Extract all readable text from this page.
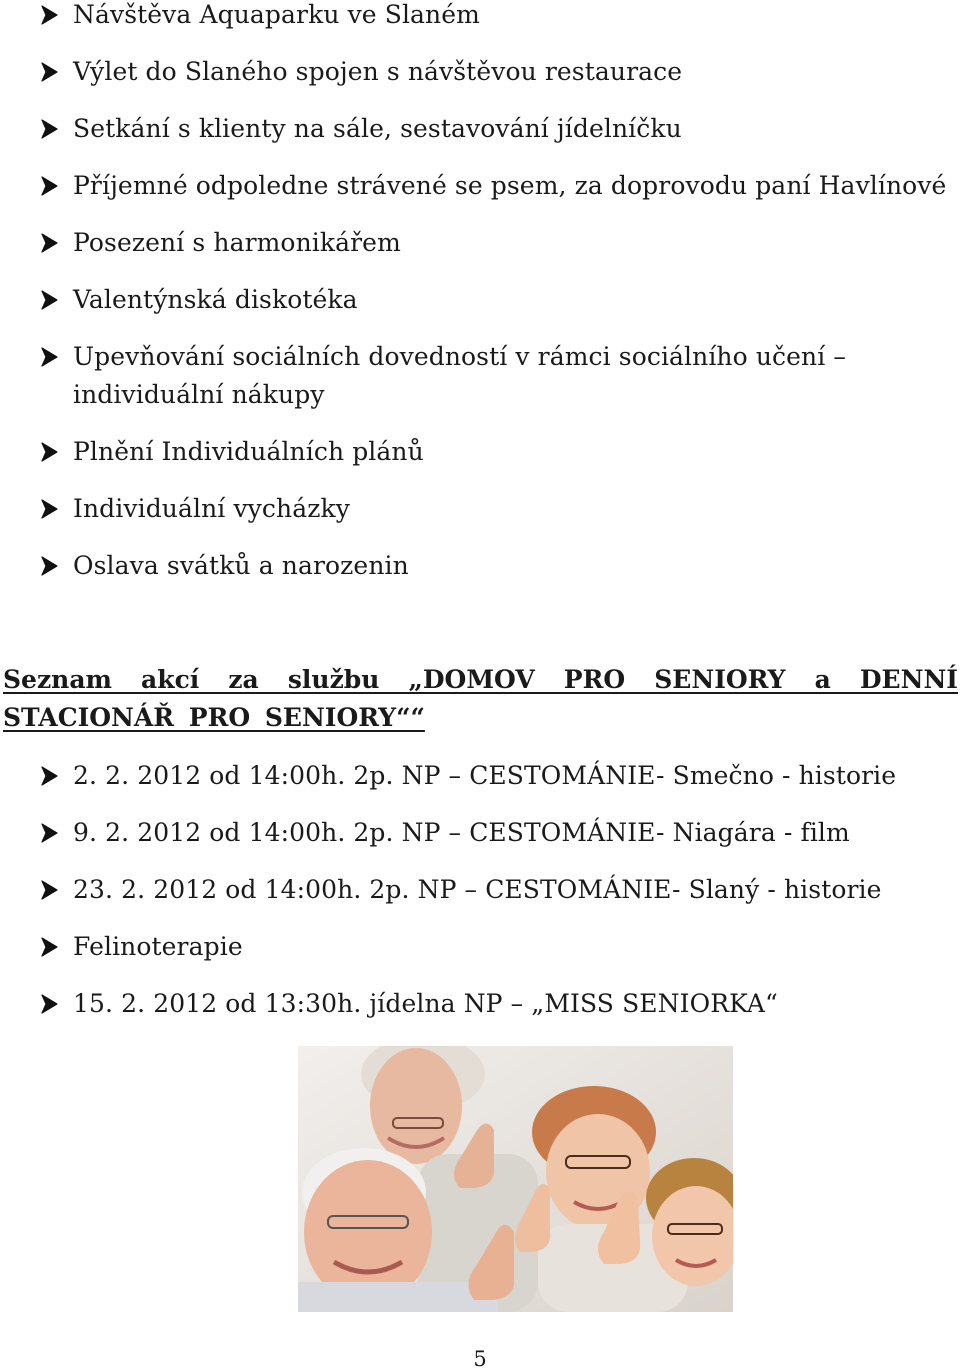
Návštěva Aquaparku ve Slaném
Výlet do Slaného spojen s návštěvou restaurace
Setkání s klienty na sále, sestavování jídelníčku
Příjemné odpoledne strávené se psem, za doprovodu paní Havlínové
Posezení s harmonikářem
Valentýnská diskotéka
Upevňování sociálních dovedností v rámci sociálního učení – individuální nákupy
Plnění Individuálních plánů
Individuální vycházky
Oslava svátků a narozenin
Seznam akcí za službu „DOMOV PRO SENIORY a DENNÍ STACIONÁŘ PRO SENIORY““
2. 2. 2012 od 14:00h. 2p. NP – CESTOMÁNIE- Smečno - historie
9. 2. 2012 od 14:00h. 2p. NP – CESTOMÁNIE- Niagára - film
23. 2. 2012 od 14:00h. 2p. NP – CESTOMÁNIE- Slaný - historie
Felinoterapie
15. 2. 2012 od 13:30h. jídelna NP – „MISS SENIORKA“
5
